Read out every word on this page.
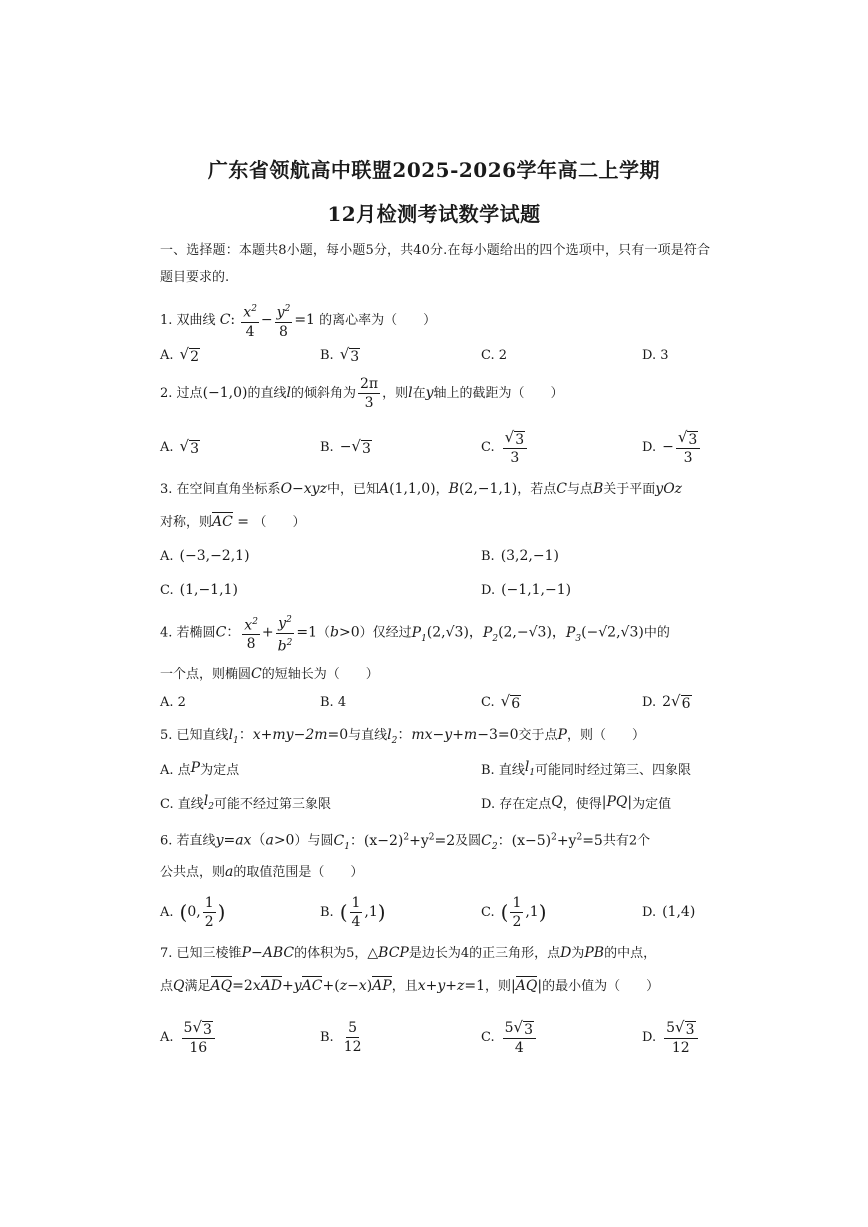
广东省领航高中联盟2025-2026学年高二上学期
12月检测考试数学试题
一、选择题：本题共8小题，每小题5分，共40分.在每小题给出的四个选项中，只有一项是符合题目要求的.
1. 双曲线 C: $\frac{x^2}{4} - \frac{y^2}{8} =1$ 的离心率为（　　）
A. √ 2	B. √ 3	C. 2	D. 3
2. 过点(−1,0)的直线l的倾斜角为 $\frac{2\pi}{3}$ ，则l在y轴上的截距为（　　）
A. √ 3	B. − √ 3	C. $\frac{√ 3}{3}$	D. − $\frac{√ 3}{3}$
3. 在空间直角坐标系O−xyz中，已知A(1,1,0)，B(2,−1,1)，若点C与点B关于平面yOz
对称，则AC = （　　）
A. (−3,−2,1)	B. (3,2,−1)
C. (1,−1,1)	D. (−1,1,−1)
4. 若椭圆C： $\frac{x^2}{8} + \frac{y^2}{b^2} =1(b>0)$仅经过$P_1(2,√3)$，$P_2(2,-√3)$，$P_3(-√2,√3)$中的
一个点，则椭圆C的短轴长为（　　）
A. 2	B. 4	C. √ 6	D. 2 √ 6
5. 已知直线$l_1$：x+my−2m=0与直线$l_2$：mx−y+m−3=0交于点P，则（　　）
A. 点 P 为定点	B. 直线 $l_1$ 可能同时经过第三、四象限
C. 直线 $l_2$ 可能不经过第三象限	D. 存在定点 Q ，使得 |PQ| 为定值
6. 若直线y=ax（a>0）与圆$C_1$：$(x-2)^2+y^2=2$及圆$C_2$：$(x-5)^2+y^2=5$共有2个
公共点，则a的取值范围是（　　）
A. ( 0, $\frac{1}{2}$ )	B. ( $\frac{1}{4} ,1$ )	C. ( $\frac{1}{2} ,1$ )	D. (1,4)
7. 已知三棱锥P−ABC的体积为5，△BCP是边长为4的正三角形，点D为PB的中点，
点Q满足AQ=2xAD+yAC+(z−x)AP，且x+y+z=1，则|AQ|的最小值为（　　）
A. $\frac{5 √ 3}{16}$	B. $\frac{5}{12}$	C. $\frac{5 √ 3}{4}$	D. $\frac{5 √ 3}{12}$
